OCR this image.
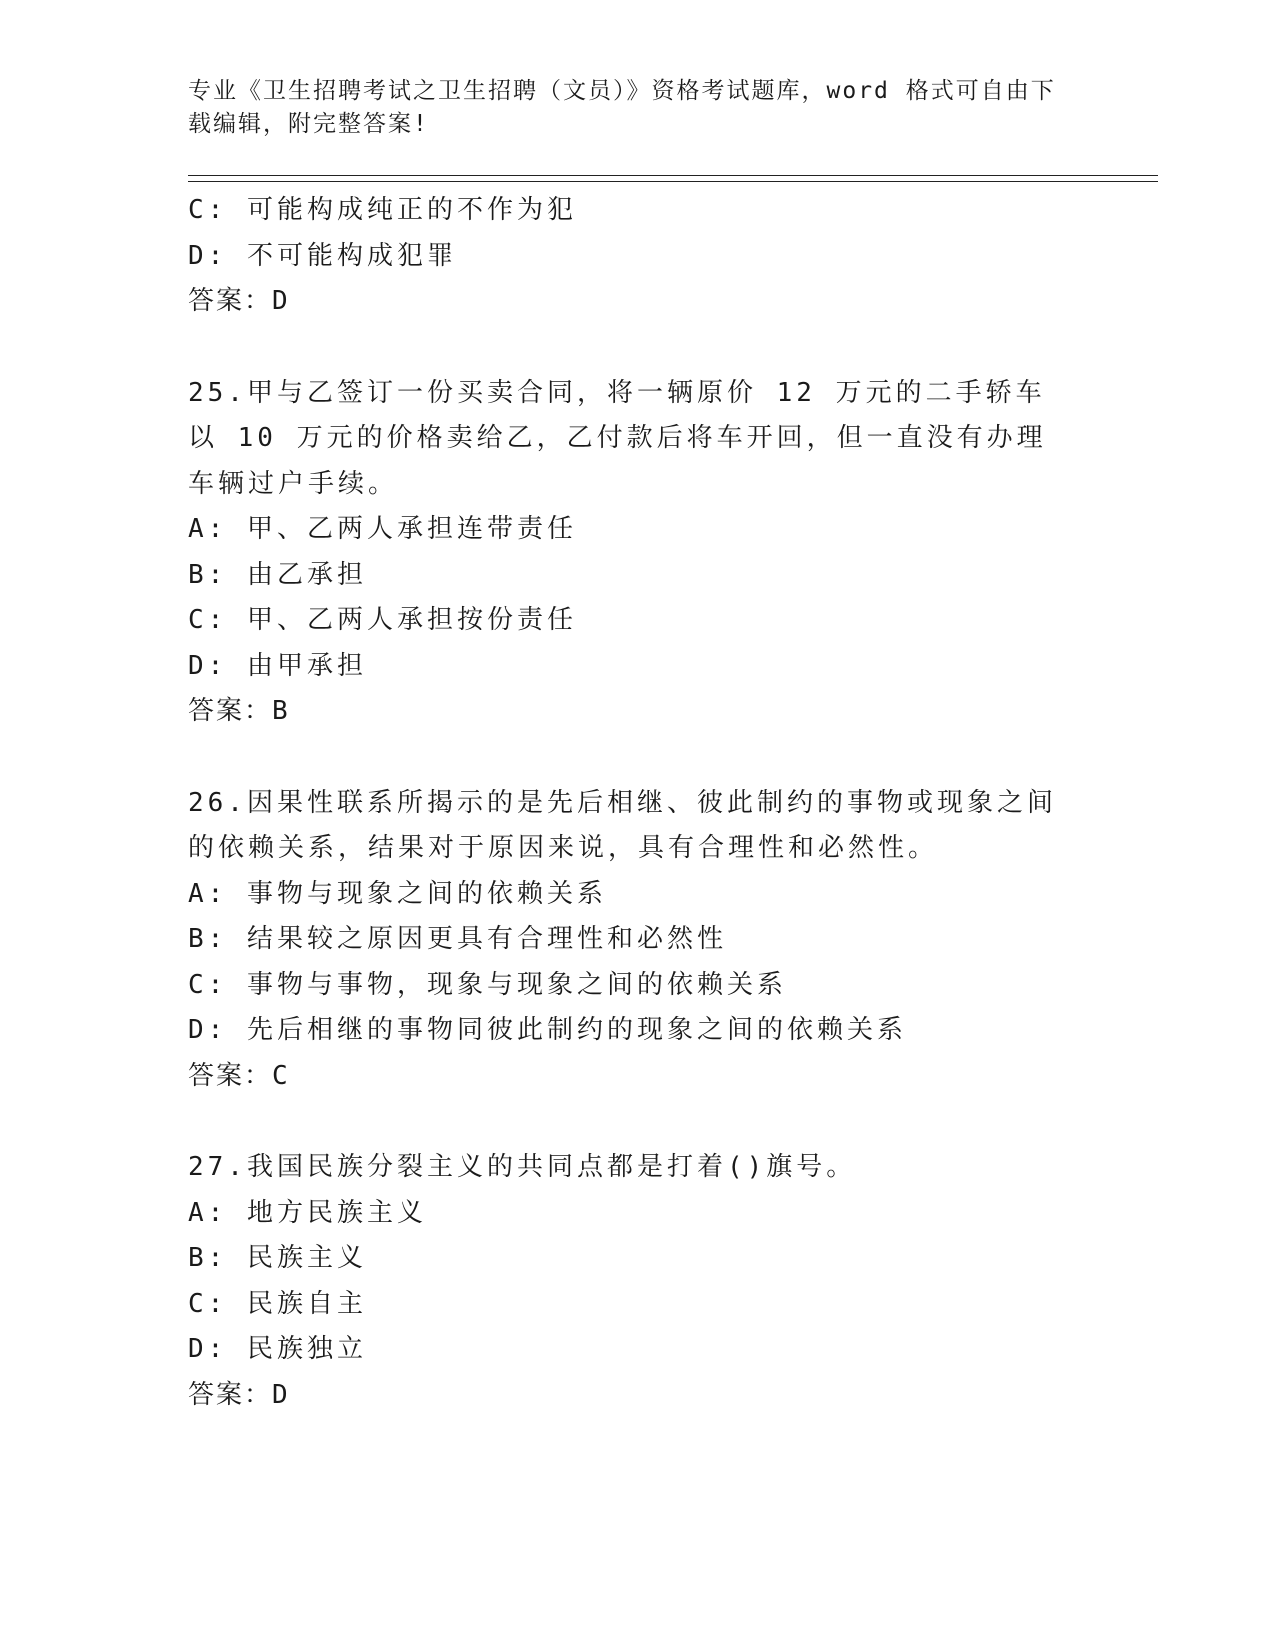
专业《卫生招聘考试之卫生招聘（文员）》资格考试题库，word 格式可自由下载编辑，附完整答案!
C: 可能构成纯正的不作为犯
D: 不可能构成犯罪
答案：D
25.甲与乙签订一份买卖合同，将一辆原价 12 万元的二手轿车以 10 万元的价格卖给乙，乙付款后将车开回，但一直没有办理车辆过户手续。
A: 甲、乙两人承担连带责任
B: 由乙承担
C: 甲、乙两人承担按份责任
D: 由甲承担
答案：B
26.因果性联系所揭示的是先后相继、彼此制约的事物或现象之间的依赖关系，结果对于原因来说，具有合理性和必然性。
A: 事物与现象之间的依赖关系
B: 结果较之原因更具有合理性和必然性
C: 事物与事物，现象与现象之间的依赖关系
D: 先后相继的事物同彼此制约的现象之间的依赖关系
答案：C
27.我国民族分裂主义的共同点都是打着()旗号。
A: 地方民族主义
B: 民族主义
C: 民族自主
D: 民族独立
答案：D
